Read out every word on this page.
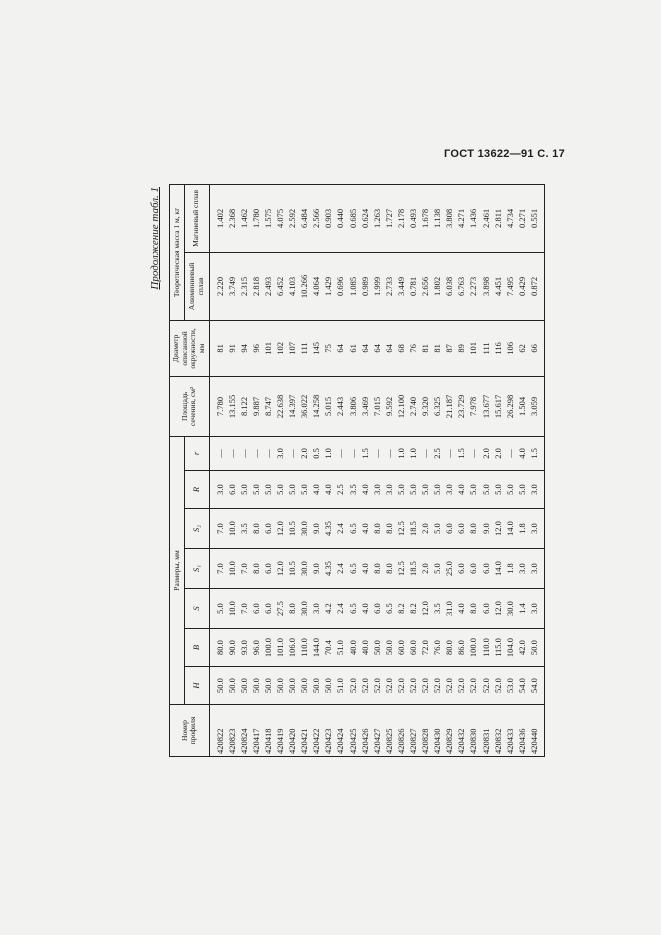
ГОСТ 13622—91 С. 17
Продолжение табл. 1
Номер профиля	Размеры, мм							Площадь сечения, см²	Диаметр описанной окружности, мм	Теоретическая масса 1 м, кг	
	H	B	S	S₁	S₂	R	r			Алюминиевый сплав	Магниевый сплав
420822	50.0	80.0	5.0	7.0	7.0	3.0	—	7.780	81	2.220	1.402
420823	50.0	90.0	10.0	10.0	10.0	6.0	—	13.155	91	3.749	2.368
420824	50.0	93.0	7.0	7.0	3.5	5.0	—	8.122	94	2.315	1.462
420417	50.0	96.0	6.0	8.0	8.0	5.0	—	9.887	96	2.818	1.780
420418	50.0	100.0	6.0	6.0	6.0	5.0	—	8.747	101	2.493	1.575
420419	50.0	101.0	27.5	12.0	12.0	5.0	3.0	22.638	102	6.452	4.075
420420	50.0	106.0	8.0	10.5	10.5	5.0	—	14.397	107	4.103	2.592
420421	50.0	110.0	30.0	30.0	30.0	5.0	2.0	36.022	111	10.266	6.484
420422	50.0	144.0	3.0	9.0	9.0	4.0	0.5	14.258	145	4.064	2.566
420423	50.0	70.4	4.2	4.35	4.35	4.0	1.0	5.015	75	1.429	0.903
420424	51.0	51.0	2.4	2.4	2.4	2.5	—	2.443	64	0.696	0.440
420425	52.0	40.0	6.5	6.5	6.5	3.5	—	3.806	61	1.085	0.685
420426	52.0	40.0	4.0	4.0	4.0	4.0	1.5	3.469	64	0.989	0.624
420427	52.0	50.0	6.0	8.0	8.0	3.0	—	7.015	64	1.999	1.263
420825	52.0	50.0	6.5	8.0	8.0	3.0	—	9.592	64	2.733	1.727
420826	52.0	60.0	8.2	12.5	12.5	5.0	1.0	12.100	68	3.449	2.178
420827	52.0	60.0	8.2	18.5	18.5	5.0	1.0	2.740	76	0.781	0.493
420828	52.0	72.0	12.0	2.0	2.0	5.0	—	9.320	81	2.656	1.678
420430	52.0	76.0	3.5	5.0	5.0	5.0	2.5	6.325	81	1.802	1.138
420829	52.0	80.0	31.0	25.0	6.0	3.0	—	21.187	87	6.038	3.808
420432	52.0	86.0	4.0	6.0	6.0	4.0	1.5	23.729	89	6.763	4.271
420830	52.0	100.0	8.0	6.0	8.0	5.0	—	7.978	101	2.273	1.436
420831	52.0	110.0	6.0	6.0	9.0	5.0	2.0	13.677	111	3.898	2.461
420832	52.0	115.0	12.0	14.0	12.0	5.0	2.0	15.617	116	4.451	2.811
420433	53.0	104.0	30.0	1.8	14.0	5.0	—	26.298	106	7.495	4.734
420436	54.0	42.0	1.4	3.0	1.8	5.0	4.0	1.504	62	0.429	0.271
420440	54.0	50.0	3.0	3.0	3.0	3.0	1.5	3.059	66	0.872	0.551
